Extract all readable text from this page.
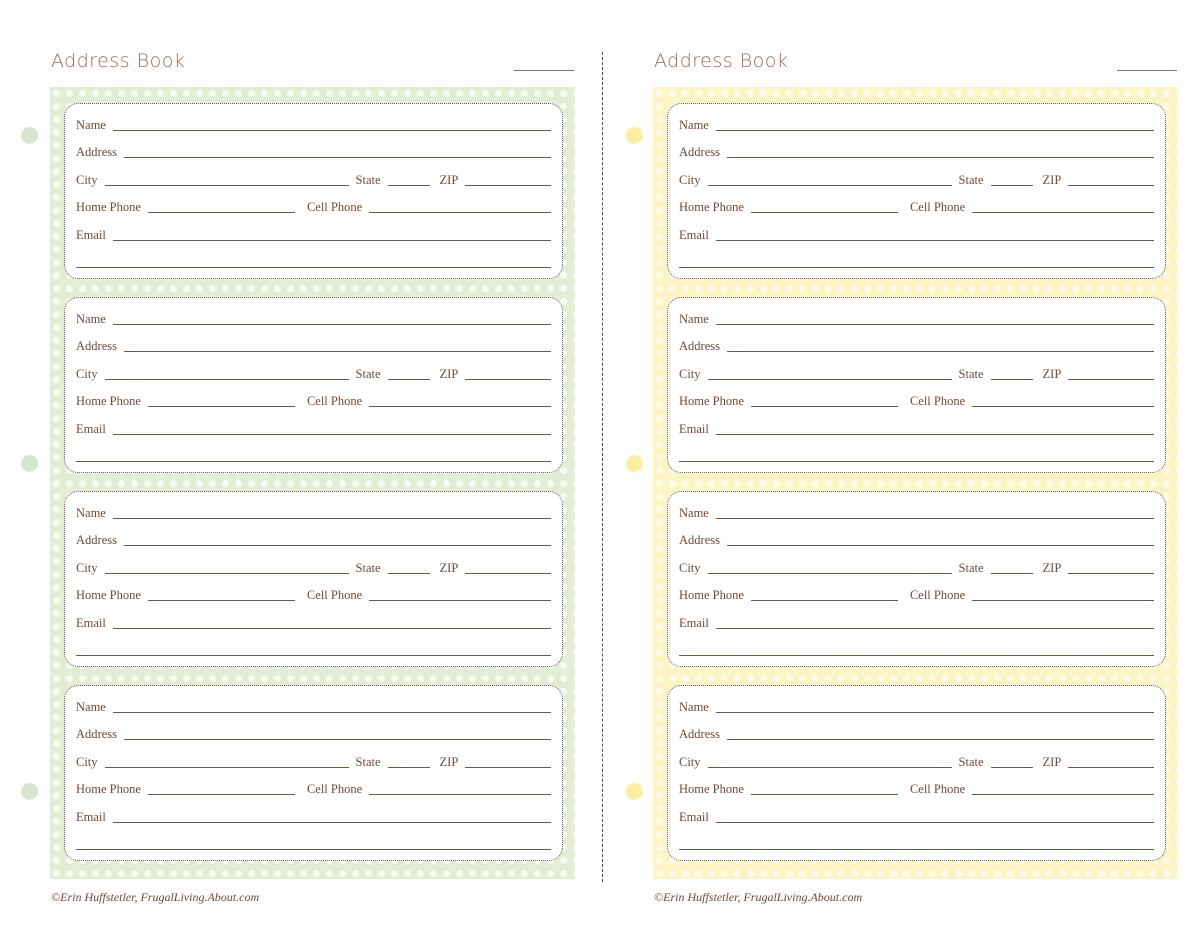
Address Book
Name
Address
City	State	ZIP
Home Phone	Cell Phone
Email
Name
Address
City	State	ZIP
Home Phone	Cell Phone
Email
Name
Address
City	State	ZIP
Home Phone	Cell Phone
Email
Name
Address
City	State	ZIP
Home Phone	Cell Phone
Email
©Erin Huffstetler, FrugalLiving.About.com
Address Book
Name
Address
City	State	ZIP
Home Phone	Cell Phone
Email
Name
Address
City	State	ZIP
Home Phone	Cell Phone
Email
Name
Address
City	State	ZIP
Home Phone	Cell Phone
Email
Name
Address
City	State	ZIP
Home Phone	Cell Phone
Email
©Erin Huffstetler, FrugalLiving.About.com
